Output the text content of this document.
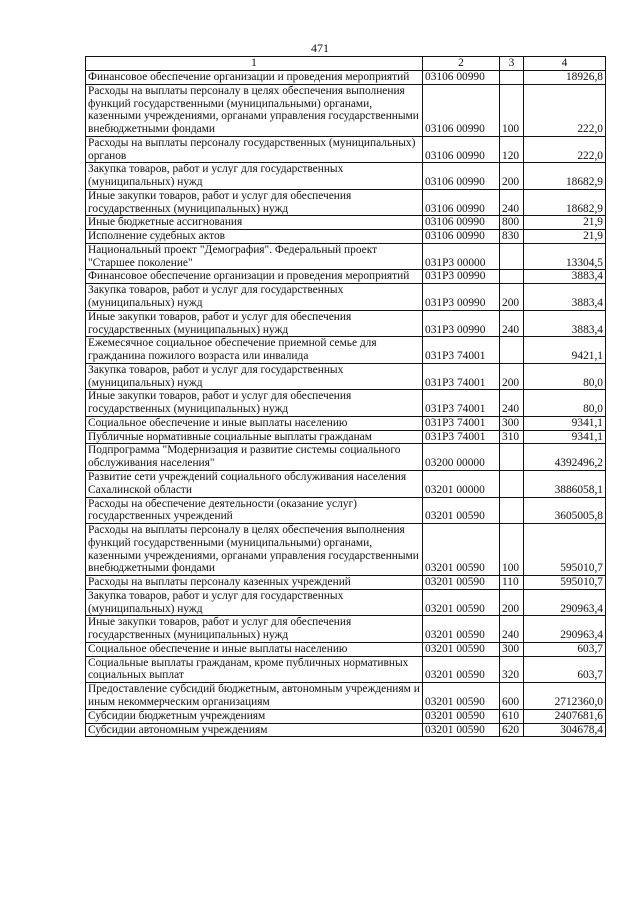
471
1	2	3	4
Финансовое обеспечение организации и проведения мероприятий	03106 00990		18926,8
Расходы на выплаты персоналу в целях обеспечения выполнения функций государственными (муниципальными) органами, казенными учреждениями, органами управления государственными внебюджетными фондами	03106 00990	100	222,0
Расходы на выплаты персоналу государственных (муниципальных) органов	03106 00990	120	222,0
Закупка товаров, работ и услуг для государственных (муниципальных) нужд	03106 00990	200	18682,9
Иные закупки товаров, работ и услуг для обеспечения государственных (муниципальных) нужд	03106 00990	240	18682,9
Иные бюджетные ассигнования	03106 00990	800	21,9
Исполнение судебных актов	03106 00990	830	21,9
Национальный проект "Демография". Федеральный проект "Старшее поколение"	031P3 00000		13304,5
Финансовое обеспечение организации и проведения мероприятий	031P3 00990		3883,4
Закупка товаров, работ и услуг для государственных (муниципальных) нужд	031P3 00990	200	3883,4
Иные закупки товаров, работ и услуг для обеспечения государственных (муниципальных) нужд	031P3 00990	240	3883,4
Ежемесячное социальное обеспечение приемной семье для гражданина пожилого возраста или инвалида	031P3 74001		9421,1
Закупка товаров, работ и услуг для государственных (муниципальных) нужд	031P3 74001	200	80,0
Иные закупки товаров, работ и услуг для обеспечения государственных (муниципальных) нужд	031P3 74001	240	80,0
Социальное обеспечение и иные выплаты населению	031P3 74001	300	9341,1
Публичные нормативные социальные выплаты гражданам	031P3 74001	310	9341,1
Подпрограмма "Модернизация и развитие системы социального обслуживания населения"	03200 00000		4392496,2
Развитие сети учреждений социального обслуживания населения Сахалинской области	03201 00000		3886058,1
Расходы на обеспечение деятельности (оказание услуг) государственных учреждений	03201 00590		3605005,8
Расходы на выплаты персоналу в целях обеспечения выполнения функций государственными (муниципальными) органами, казенными учреждениями, органами управления государственными внебюджетными фондами	03201 00590	100	595010,7
Расходы на выплаты персоналу казенных учреждений	03201 00590	110	595010,7
Закупка товаров, работ и услуг для государственных (муниципальных) нужд	03201 00590	200	290963,4
Иные закупки товаров, работ и услуг для обеспечения государственных (муниципальных) нужд	03201 00590	240	290963,4
Социальное обеспечение и иные выплаты населению	03201 00590	300	603,7
Социальные выплаты гражданам, кроме публичных нормативных социальных выплат	03201 00590	320	603,7
Предоставление субсидий бюджетным, автономным учреждениям и иным некоммерческим организациям	03201 00590	600	2712360,0
Субсидии бюджетным учреждениям	03201 00590	610	2407681,6
Субсидии автономным учреждениям	03201 00590	620	304678,4
